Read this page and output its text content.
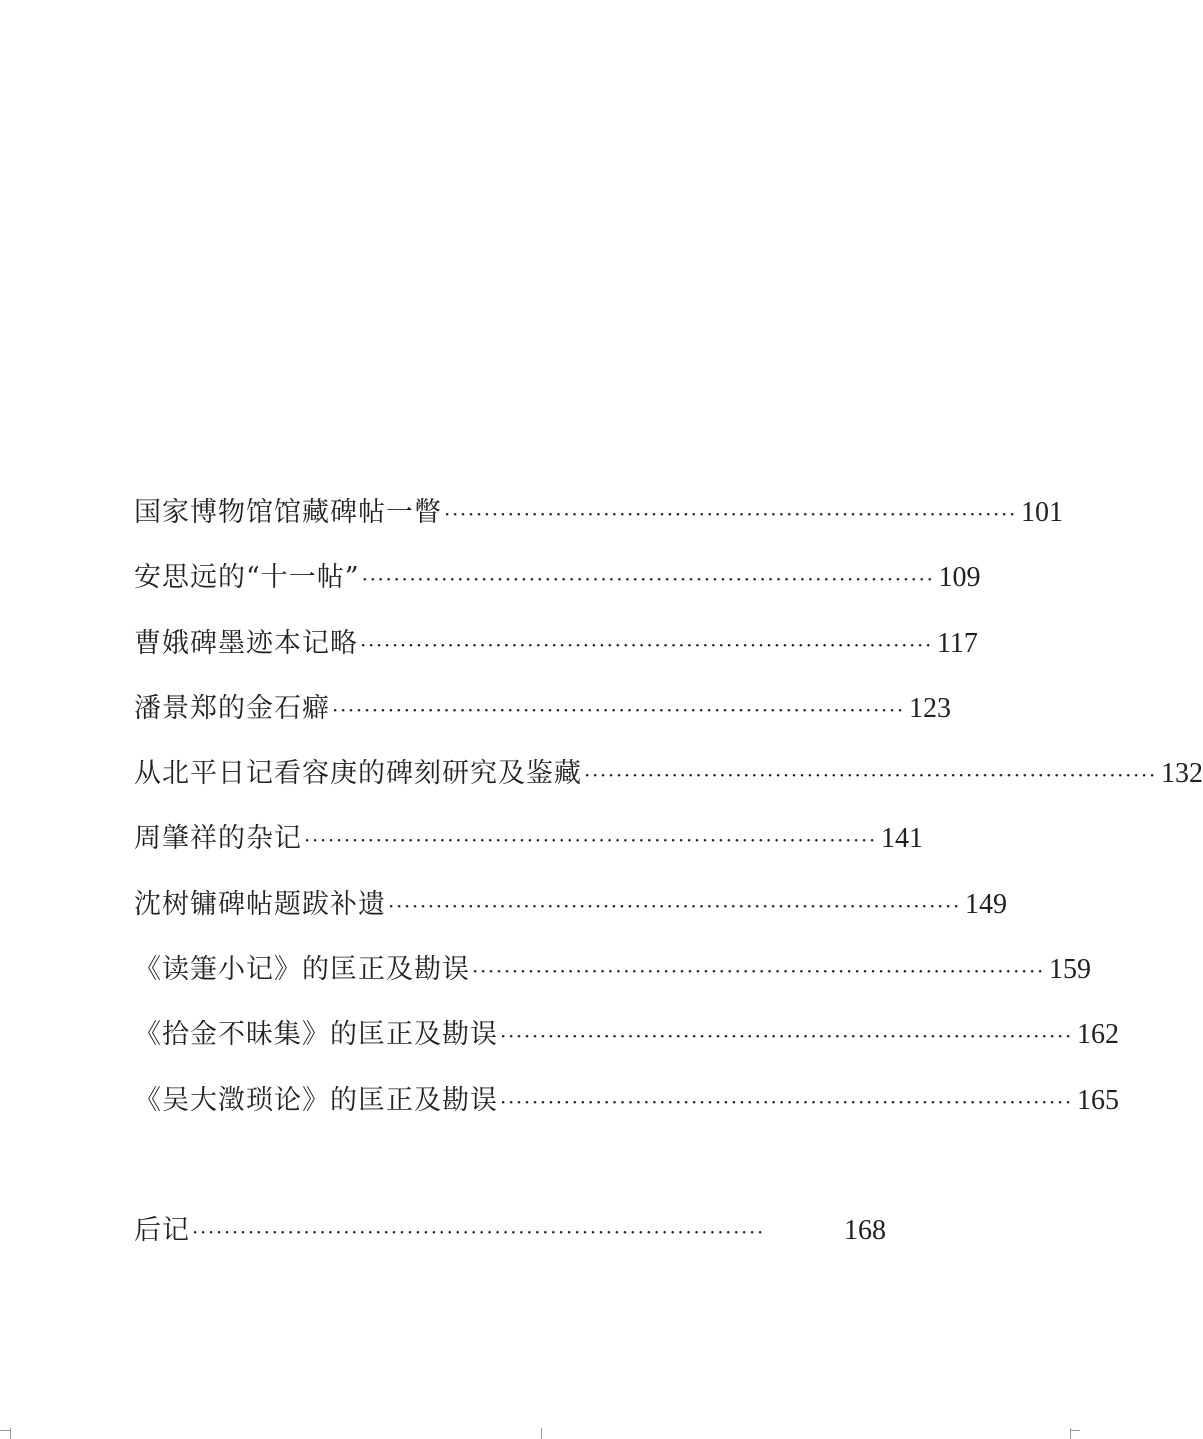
国家博物馆馆藏碑帖一瞥 ········································································ 101
安思远的“十一帖” ········································································ 109
曹娥碑墨迹本记略 ········································································ 117
潘景郑的金石癖 ········································································ 123
从北平日记看容庚的碑刻研究及鉴藏 ········································································ 132
周肇祥的杂记 ········································································ 141
沈树镛碑帖题跋补遗 ········································································ 149
《读箑小记》的匡正及勘误 ········································································ 159
《拾金不昧集》的匡正及勘误 ········································································ 162
《吴大澂琐论》的匡正及勘误 ········································································ 165
后记 ········································································	168
